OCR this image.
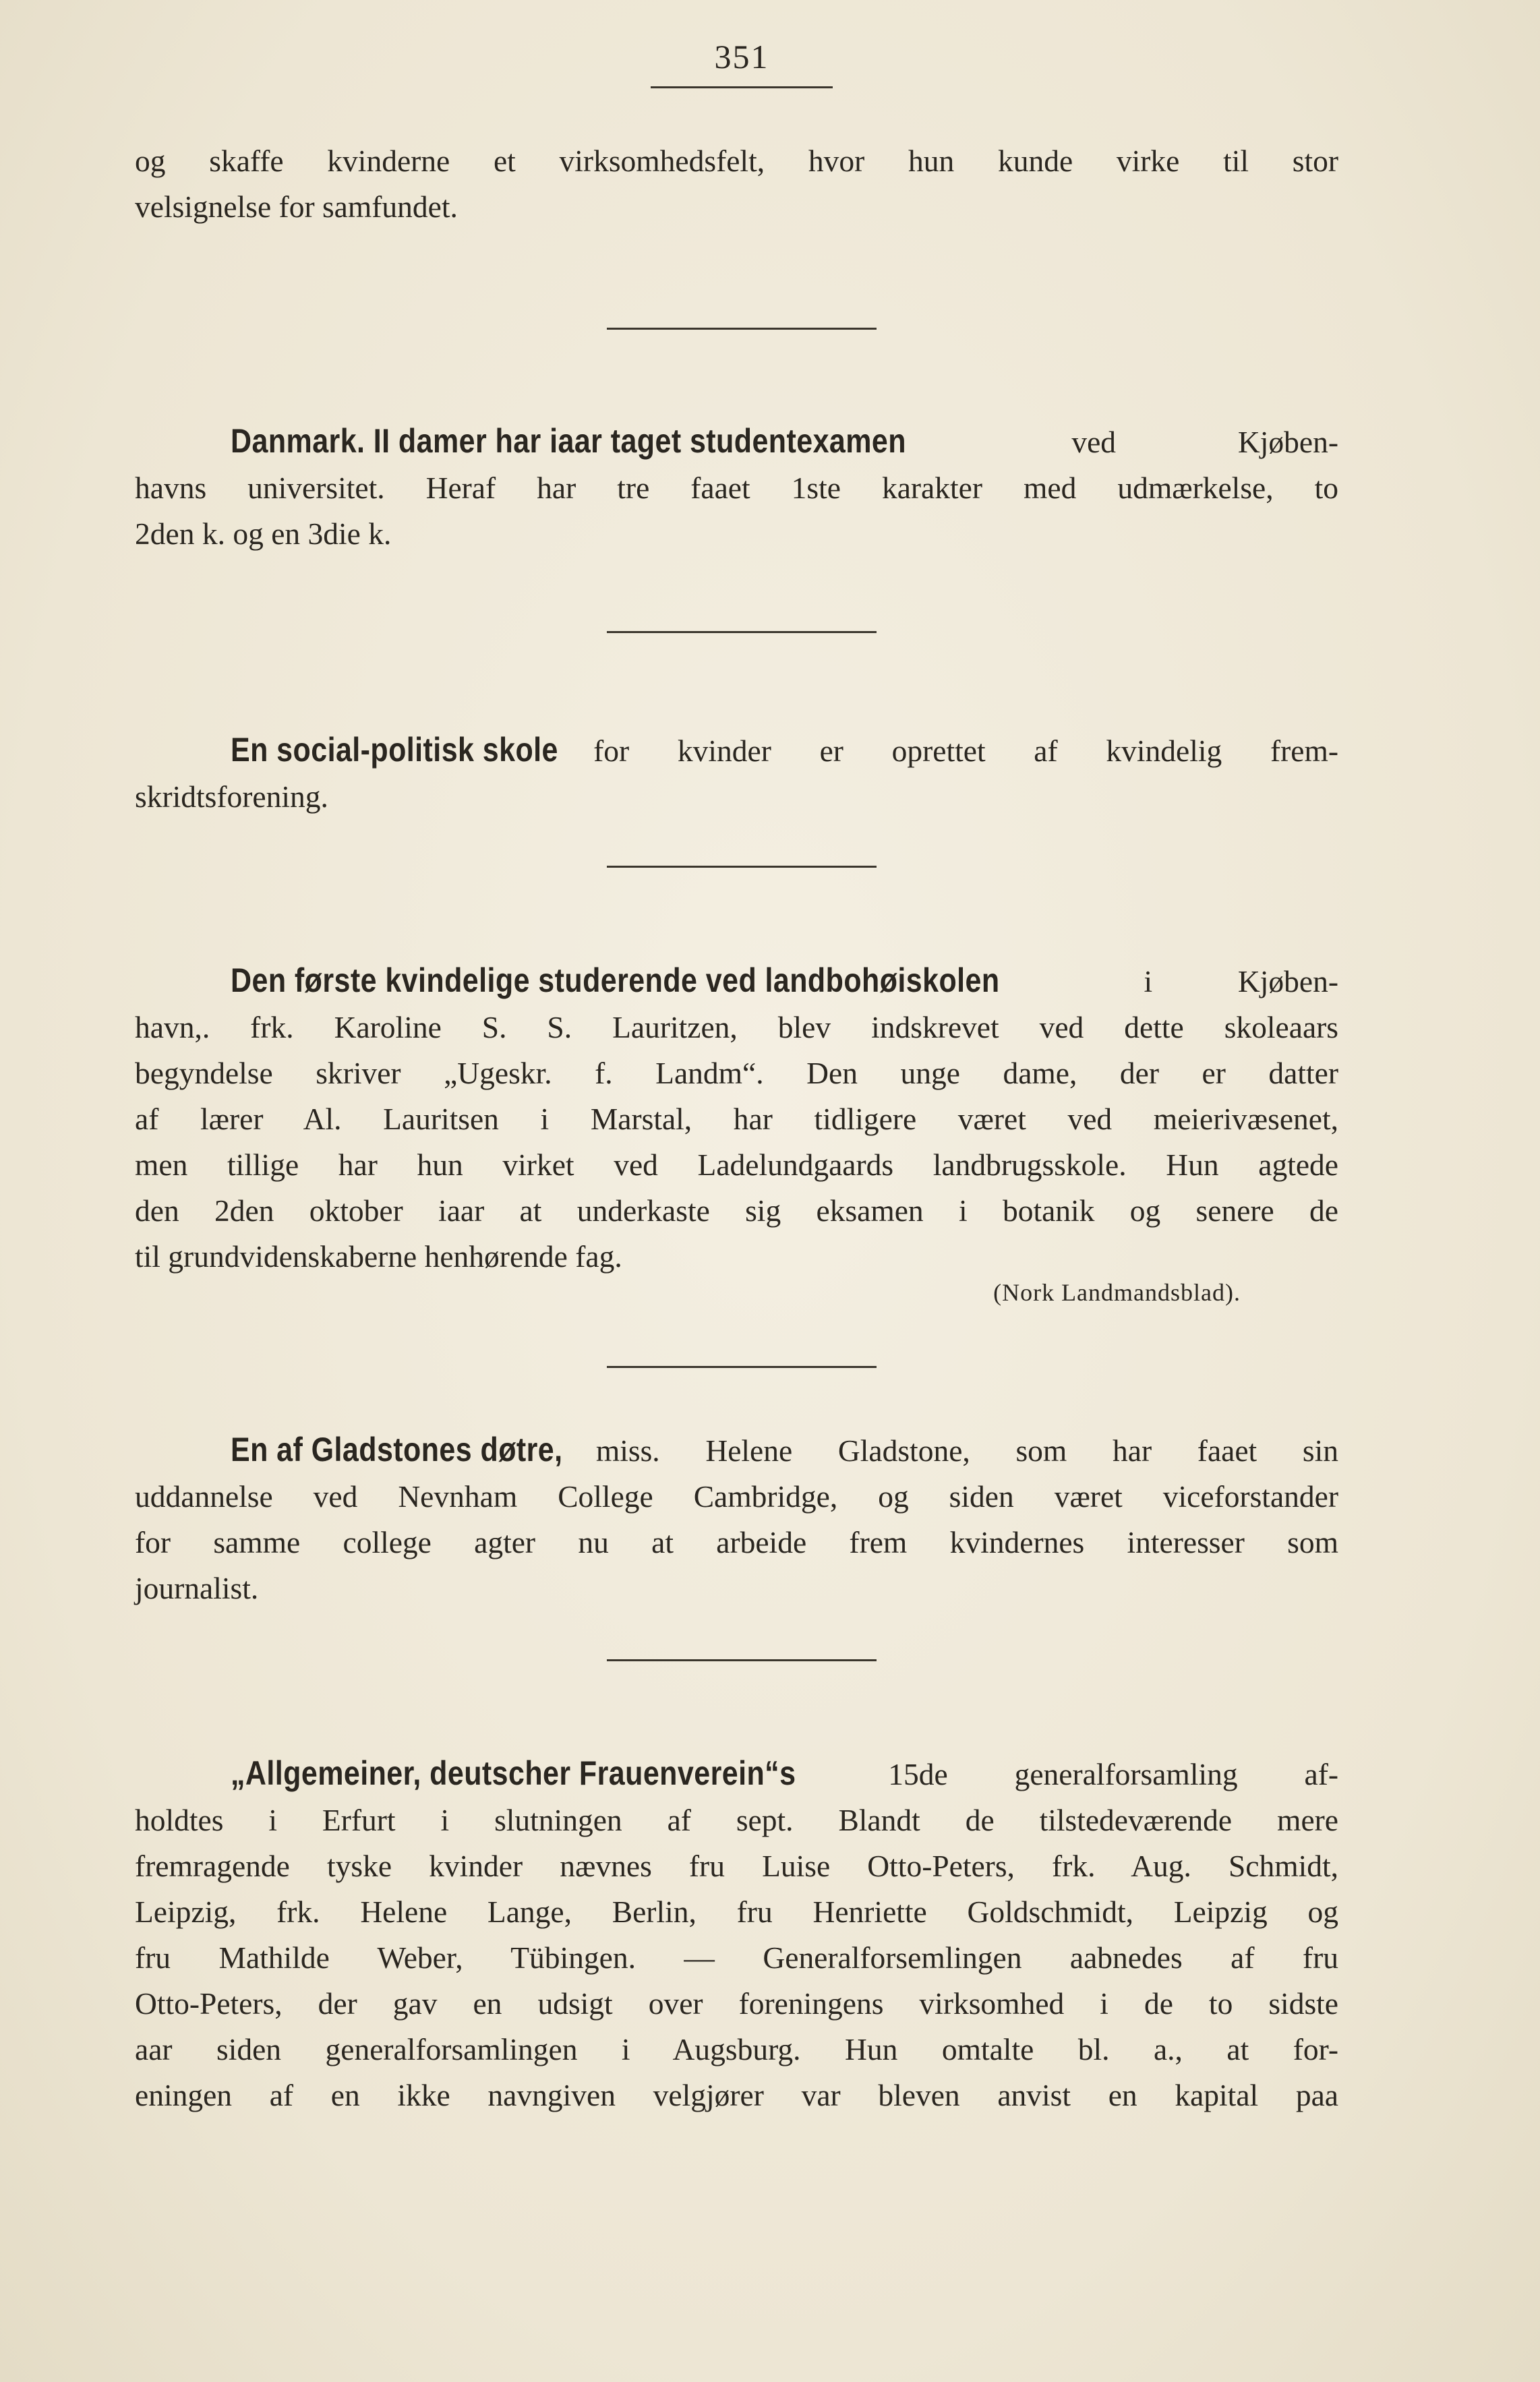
351
og skaffe kvinderne et virksomhedsfelt, hvor hun kunde virke til stor
velsignelse for samfundet.
Danmark. II damer har iaar taget studentexamen ved Kjøben-
havns universitet. Heraf har tre faaet 1ste karakter med udmærkelse, to
2den k. og en 3die k.
En social-politisk skole for kvinder er oprettet af kvindelig frem-
skridtsforening.
Den første kvindelige studerende ved landbohøiskolen i Kjøben-
havn,. frk. Karoline S. S. Lauritzen, blev indskrevet ved dette skoleaars
begyndelse skriver „Ugeskr. f. Landm“. Den unge dame, der er datter
af lærer Al. Lauritsen i Marstal, har tidligere været ved meierivæsenet,
men tillige har hun virket ved Ladelundgaards landbrugsskole. Hun agtede
den 2den oktober iaar at underkaste sig eksamen i botanik og senere de
til grundvidenskaberne henhørende fag.
(Nork Landmandsblad).
En af Gladstones døtre, miss. Helene Gladstone, som har faaet sin
uddannelse ved Nevnham College Cambridge, og siden været viceforstander
for samme college agter nu at arbeide frem kvindernes interesser som
journalist.
„Allgemeiner, deutscher Frauenverein“s 15de generalforsamling af-
holdtes i Erfurt i slutningen af sept. Blandt de tilstedeværende mere
fremragende tyske kvinder nævnes fru Luise Otto-Peters, frk. Aug. Schmidt,
Leipzig, frk. Helene Lange, Berlin, fru Henriette Goldschmidt, Leipzig og
fru Mathilde Weber, Tübingen. — Generalforsemlingen aabnedes af fru
Otto-Peters, der gav en udsigt over foreningens virksomhed i de to sidste
aar siden generalforsamlingen i Augsburg. Hun omtalte bl. a., at for-
eningen af en ikke navngiven velgjører var bleven anvist en kapital paa
